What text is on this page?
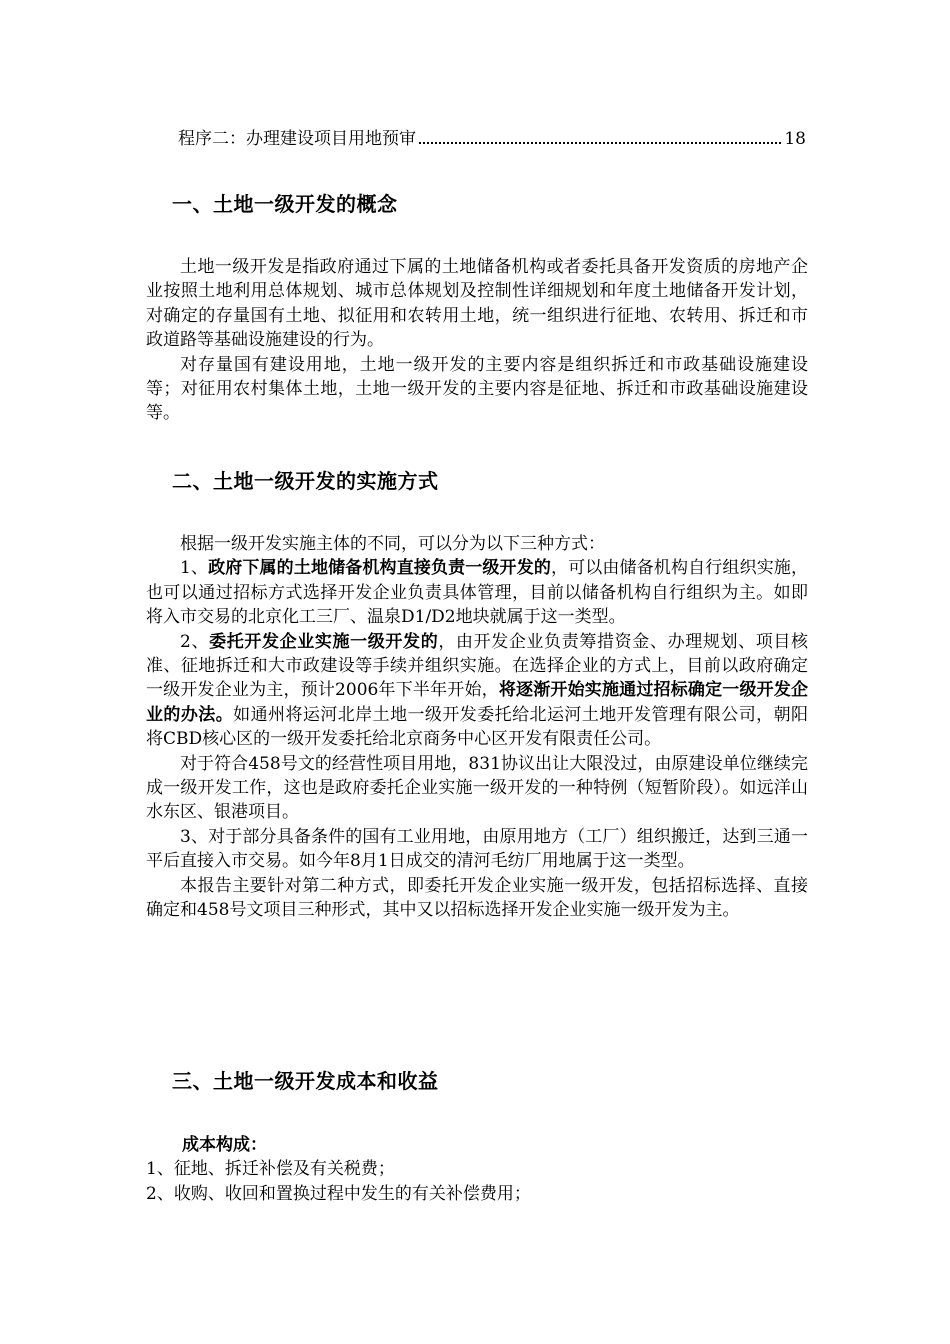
程序二：办理建设项目用地预审	18
一、土地一级开发的概念

土地一级开发是指政府通过下属的土地储备机构或者委托具备开发资质的房地产企业按照土地利用总体规划、城市总体规划及控制性详细规划和年度土地储备开发计划，对确定的存量国有土地、拟征用和农转用土地，统一组织进行征地、农转用、拆迁和市政道路等基础设施建设的行为。

对存量国有建设用地，土地一级开发的主要内容是组织拆迁和市政基础设施建设等；对征用农村集体土地，土地一级开发的主要内容是征地、拆迁和市政基础设施建设等。

二、土地一级开发的实施方式

根据一级开发实施主体的不同，可以分为以下三种方式：

1、政府下属的土地储备机构直接负责一级开发的，可以由储备机构自行组织实施，也可以通过招标方式选择开发企业负责具体管理，目前以储备机构自行组织为主。如即将入市交易的北京化工三厂、温泉D1/D2地块就属于这一类型。

2、委托开发企业实施一级开发的，由开发企业负责筹措资金、办理规划、项目核准、征地拆迁和大市政建设等手续并组织实施。在选择企业的方式上，目前以政府确定一级开发企业为主，预计2006年下半年开始，将逐渐开始实施通过招标确定一级开发企业的办法。如通州将运河北岸土地一级开发委托给北运河土地开发管理有限公司，朝阳将CBD核心区的一级开发委托给北京商务中心区开发有限责任公司。

对于符合458号文的经营性项目用地，831协议出让大限没过，由原建设单位继续完成一级开发工作，这也是政府委托企业实施一级开发的一种特例（短暂阶段）。如远洋山水东区、银港项目。

3、对于部分具备条件的国有工业用地，由原用地方（工厂）组织搬迁，达到三通一平后直接入市交易。如今年8月1日成交的清河毛纺厂用地属于这一类型。

本报告主要针对第二种方式，即委托开发企业实施一级开发，包括招标选择、直接确定和458号文项目三种形式，其中又以招标选择开发企业实施一级开发为主。

三、土地一级开发成本和收益
成本构成：
1、征地、拆迁补偿及有关税费；
2、收购、收回和置换过程中发生的有关补偿费用；
